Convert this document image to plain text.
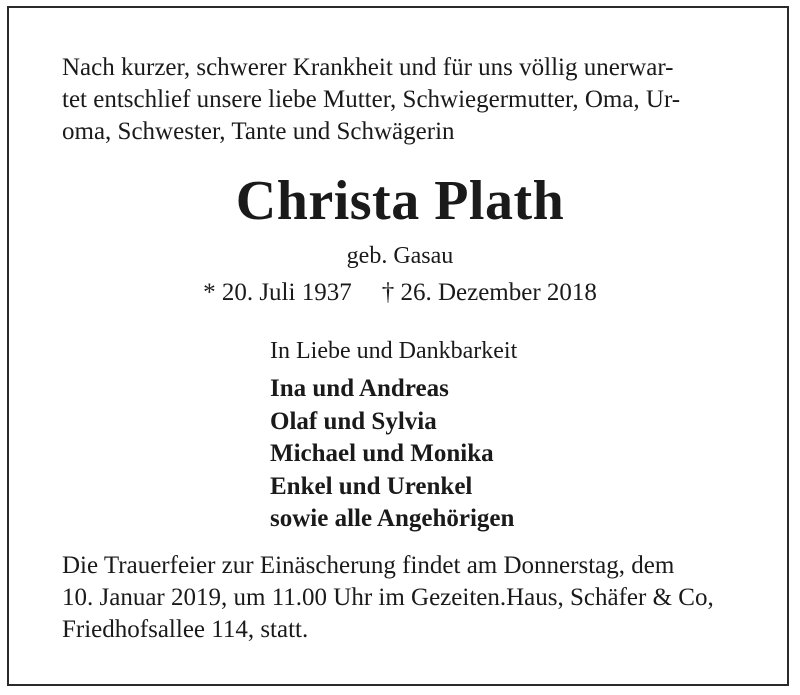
Nach kurzer, schwerer Krankheit und für uns völlig unerwar-
tet entschlief unsere liebe Mutter, Schwiegermutter, Oma, Ur-
oma, Schwester, Tante und Schwägerin
Christa Plath
geb. Gasau
* 20. Juli 1937 † 26. Dezember 2018
In Liebe und Dankbarkeit
Ina und Andreas
Olaf und Sylvia
Michael und Monika
Enkel und Urenkel
sowie alle Angehörigen
Die Trauerfeier zur Einäscherung findet am Donnerstag, dem
10. Januar 2019, um 11.00 Uhr im Gezeiten.Haus, Schäfer & Co,
Friedhofsallee 114, statt.
